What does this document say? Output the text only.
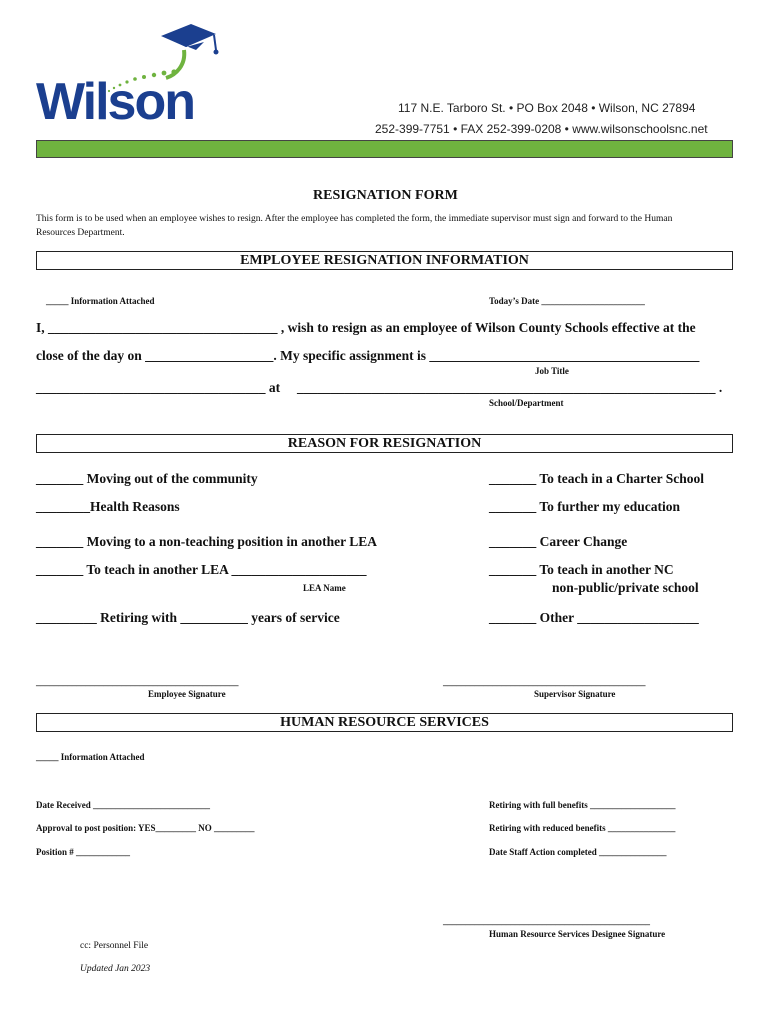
Wilson	117 N.E. Tarboro St. • PO Box 2048 • Wilson, NC 27894
252-399-7751 • FAX 252-399-0208 • www.wilsonschoolsnc.net
RESIGNATION FORM
This form is to be used when an employee wishes to resign. After the employee has completed the form, the immediate supervisor must sign and forward to the Human
Resources Department.
EMPLOYEE RESIGNATION INFORMATION
_____ Information Attached	Today’s Date _______________________
I, __________________________________ , wish to resign as an employee of Wilson County Schools effective at the
close of the day on ___________________. My specific assignment is ________________________________________
Job Title
__________________________________ at ______________________________________________________________ .
School/Department
REASON FOR RESIGNATION
_______ Moving out of the community
________Health Reasons
_______ Moving to a non-teaching position in another LEA
_______ To teach in another LEA ____________________
LEA Name
_________ Retiring with __________ years of service
_______ To teach in a Charter School
_______ To further my education
_______ Career Change
_______ To teach in another NC
non-public/private school
_______ Other __________________
_____________________________________________
Employee Signature
_____________________________________________
Supervisor Signature
HUMAN RESOURCE SERVICES
_____ Information Attached
Date Received __________________________
Approval to post position: YES_________ NO _________
Position # ____________
Retiring with full benefits ___________________
Retiring with reduced benefits _______________
Date Staff Action completed _______________
______________________________________________
Human Resource Services Designee Signature
cc: Personnel File
Updated Jan 2023
